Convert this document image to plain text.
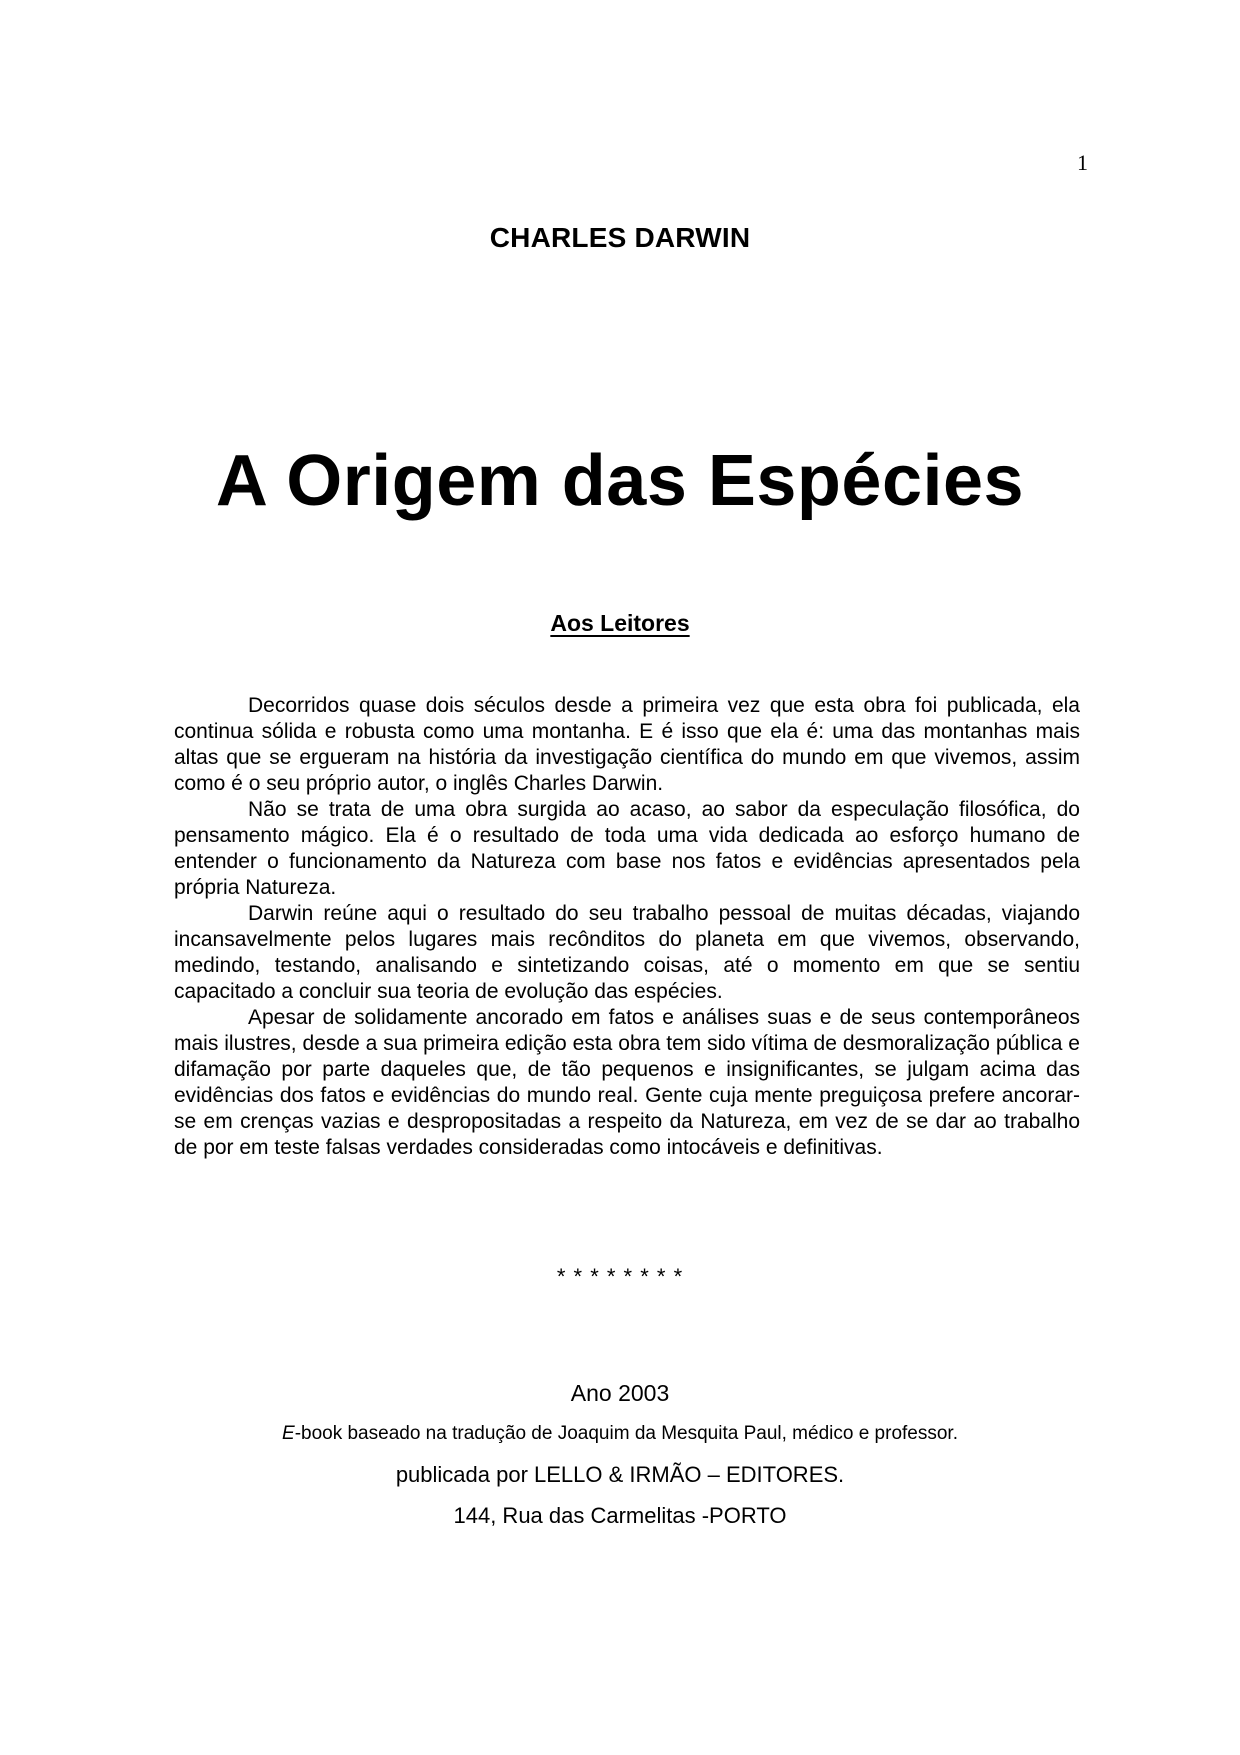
1
CHARLES DARWIN
A Origem das Espécies
Aos Leitores

Decorridos quase dois séculos desde a primeira vez que esta obra foi publicada, ela continua sólida e robusta como uma montanha. E é isso que ela é: uma das montanhas mais altas que se ergueram na história da investigação científica do mundo em que vivemos, assim como é o seu próprio autor, o inglês Charles Darwin.

Não se trata de uma obra surgida ao acaso, ao sabor da especulação filosófica, do pensamento mágico. Ela é o resultado de toda uma vida dedicada ao esforço humano de entender o funcionamento da Natureza com base nos fatos e evidências apresentados pela própria Natureza.

Darwin reúne aqui o resultado do seu trabalho pessoal de muitas décadas, viajando incansavelmente pelos lugares mais recônditos do planeta em que vivemos, observando, medindo, testando, analisando e sintetizando coisas, até o momento em que se sentiu capacitado a concluir sua teoria de evolução das espécies.

Apesar de solidamente ancorado em fatos e análises suas e de seus contemporâneos mais ilustres, desde a sua primeira edição esta obra tem sido vítima de desmoralização pública e difamação por parte daqueles que, de tão pequenos e insignificantes, se julgam acima das evidências dos fatos e evidências do mundo real. Gente cuja mente preguiçosa prefere ancorar-se em crenças vazias e despropositadas a respeito da Natureza, em vez de se dar ao trabalho de por em teste falsas verdades consideradas como intocáveis e definitivas.

* * * * * * * *
Ano 2003
E-book baseado na tradução de Joaquim da Mesquita Paul, médico e professor.
publicada por LELLO & IRMÃO – EDITORES.
144, Rua das Carmelitas -PORTO
